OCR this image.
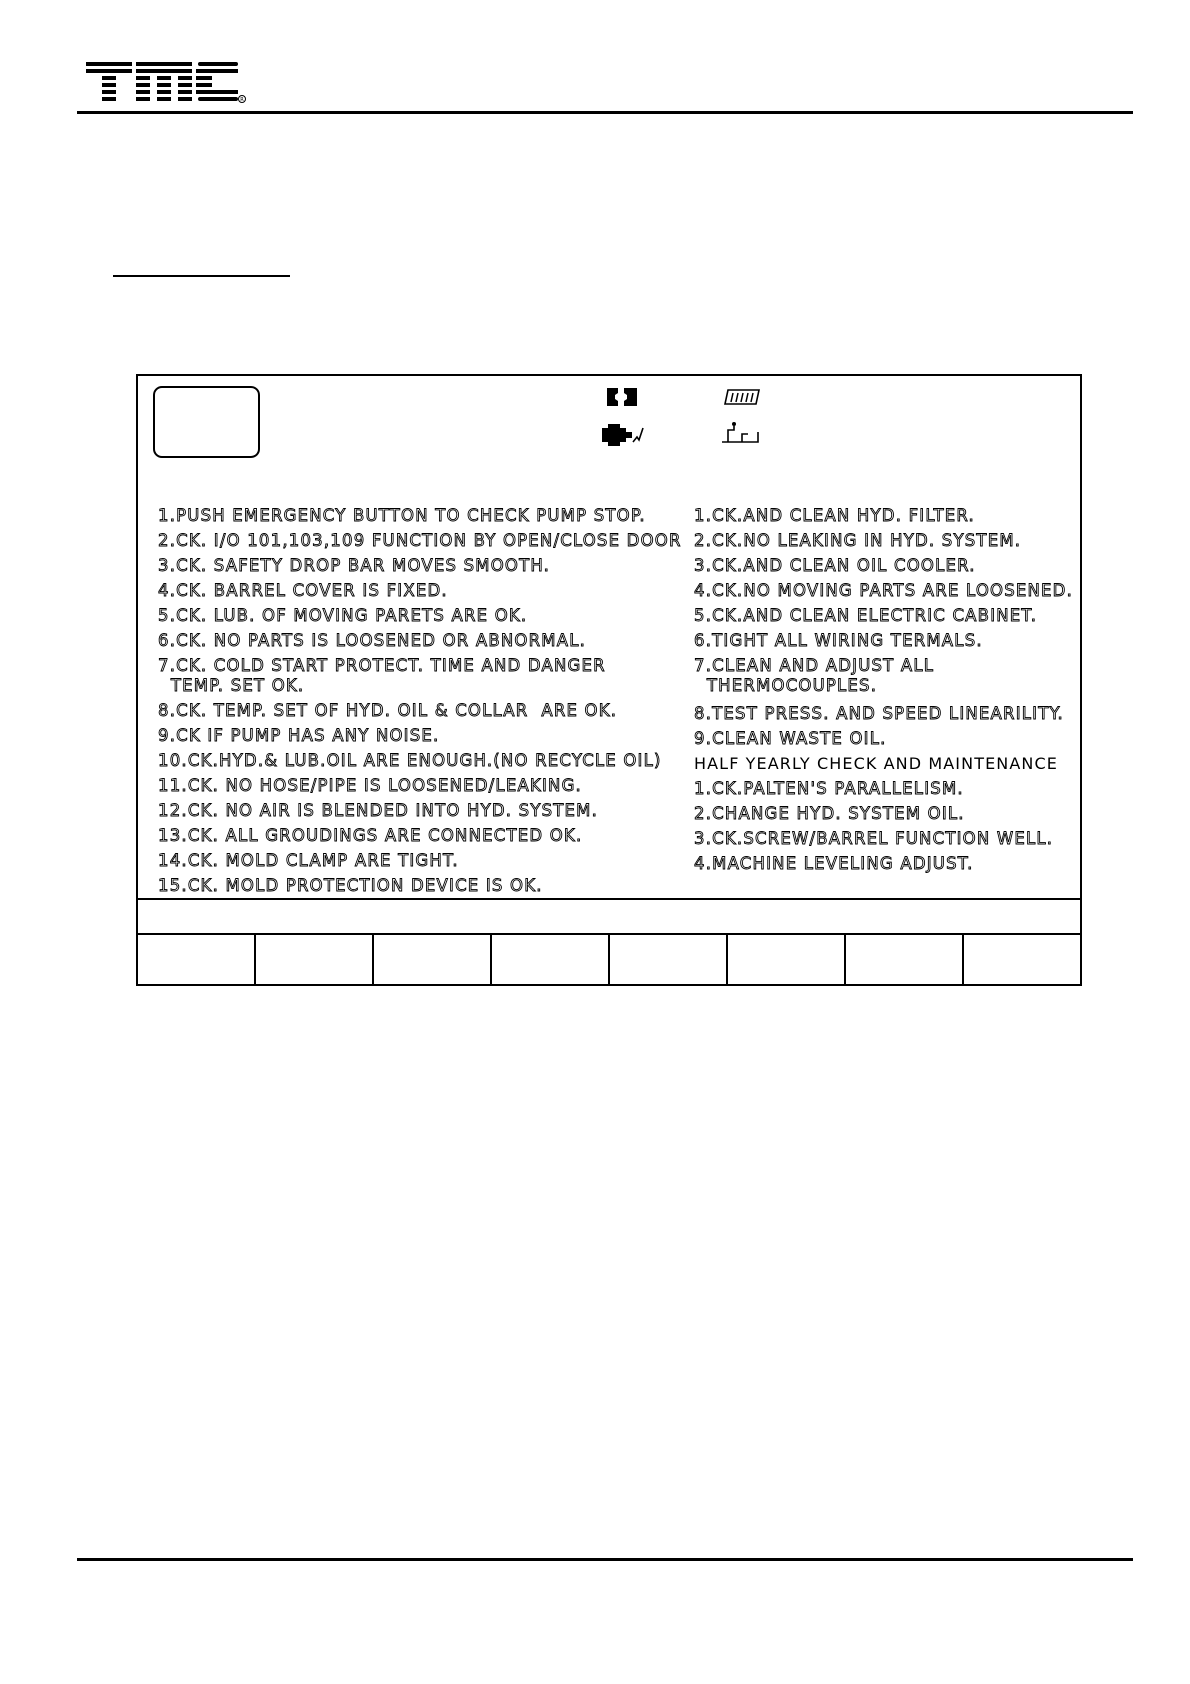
R
1.PUSH EMERGENCY BUTTON TO CHECK PUMP STOP.
2.CK. I/O 101,103,109 FUNCTION BY OPEN/CLOSE DOOR
3.CK. SAFETY DROP BAR MOVES SMOOTH.
4.CK. BARREL COVER IS FIXED.
5.CK. LUB. OF MOVING PARETS ARE OK.
6.CK. NO PARTS IS LOOSENED OR ABNORMAL.
7.CK. COLD START PROTECT. TIME AND DANGER
TEMP. SET OK.
8.CK. TEMP. SET OF HYD. OIL & COLLAR  ARE OK.
9.CK IF PUMP HAS ANY NOISE.
10.CK.HYD.& LUB.OIL ARE ENOUGH.(NO RECYCLE OIL)
11.CK. NO HOSE/PIPE IS LOOSENED/LEAKING.
12.CK. NO AIR IS BLENDED INTO HYD. SYSTEM.
13.CK. ALL GROUDINGS ARE CONNECTED OK.
14.CK. MOLD CLAMP ARE TIGHT.
15.CK. MOLD PROTECTION DEVICE IS OK.
1.CK.AND CLEAN HYD. FILTER.
2.CK.NO LEAKING IN HYD. SYSTEM.
3.CK.AND CLEAN OIL COOLER.
4.CK.NO MOVING PARTS ARE LOOSENED.
5.CK.AND CLEAN ELECTRIC CABINET.
6.TIGHT ALL WIRING TERMALS.
7.CLEAN AND ADJUST ALL
THERMOCOUPLES.
8.TEST PRESS. AND SPEED LINEARILITY.
9.CLEAN WASTE OIL.
HALF YEARLY CHECK AND MAINTENANCE
1.CK.PALTEN'S PARALLELISM.
2.CHANGE HYD. SYSTEM OIL.
3.CK.SCREW/BARREL FUNCTION WELL.
4.MACHINE LEVELING ADJUST.
